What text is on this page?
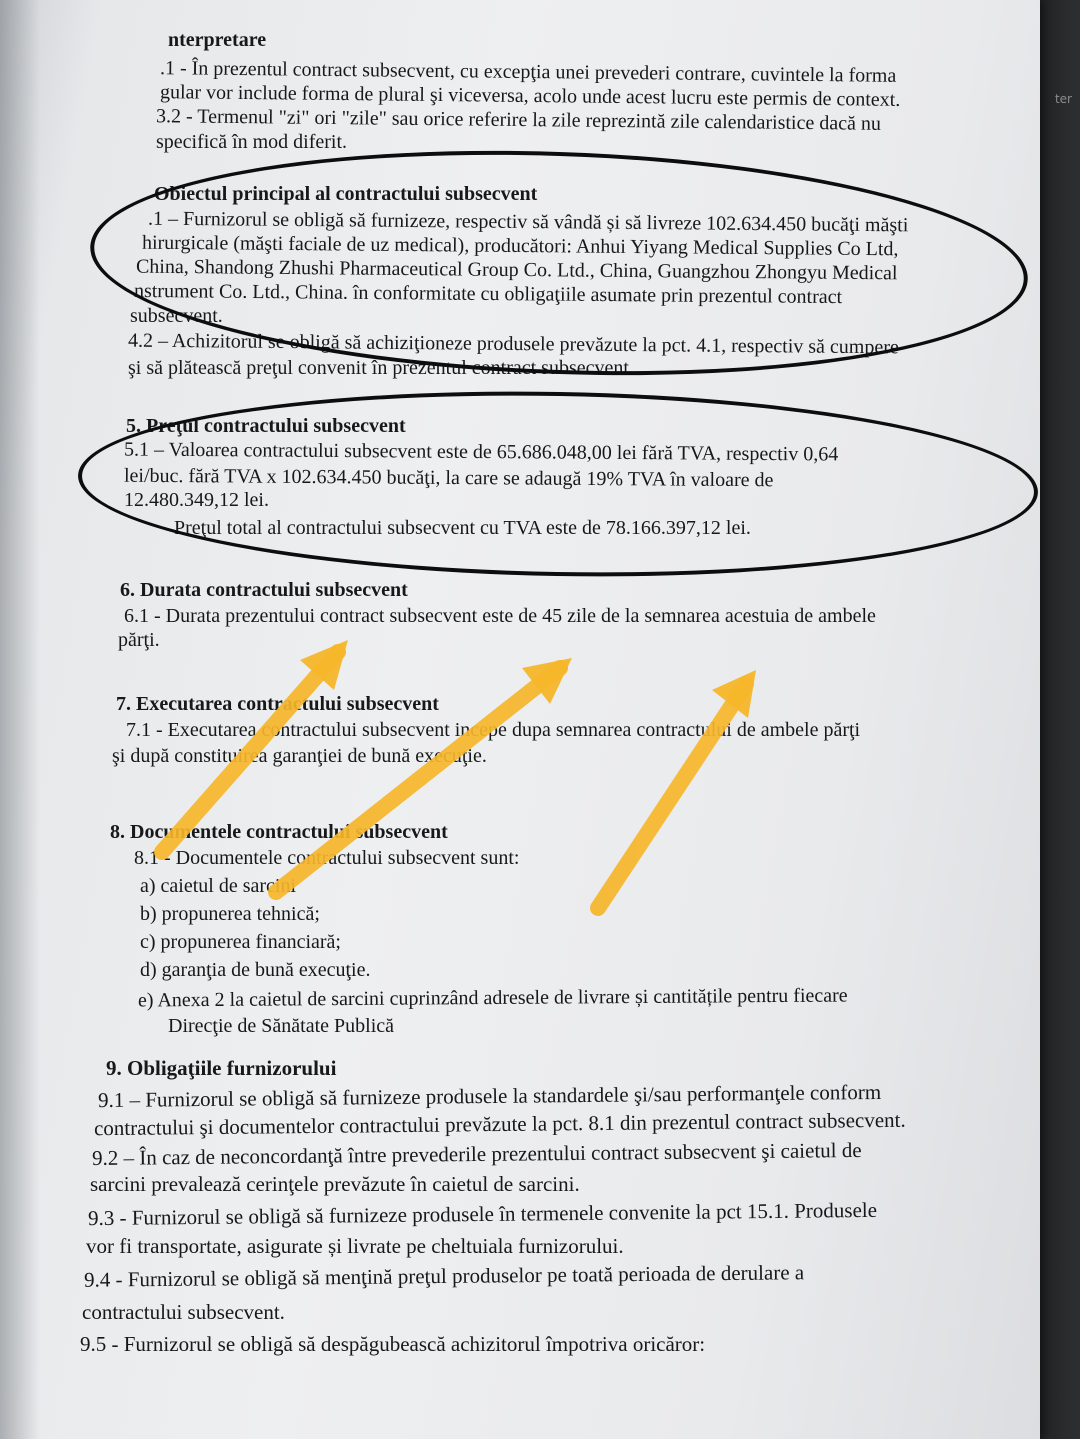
ter
nterpretare
.1 - În prezentul contract subsecvent, cu excepţia unei prevederi contrare, cuvintele la forma
gular vor include forma de plural şi viceversa, acolo unde acest lucru este permis de context.
3.2 - Termenul "zi" ori "zile" sau orice referire la zile reprezintă zile calendaristice dacă nu
specifică în mod diferit.
Obiectul principal al contractului subsecvent
.1 – Furnizorul se obligă să furnizeze, respectiv să vândă și să livreze 102.634.450 bucăţi măşti
hirurgicale (măşti faciale de uz medical), producători: Anhui Yiyang Medical Supplies Co Ltd,
China, Shandong Zhushi Pharmaceutical Group Co. Ltd., China, Guangzhou Zhongyu Medical
nstrument Co. Ltd., China. în conformitate cu obligaţiile asumate prin prezentul contract
subsecvent.
4.2 – Achizitorul se obligă să achiziţioneze produsele prevăzute la pct. 4.1, respectiv să cumpere
şi să plătească preţul convenit în prezentul contract subsecvent .
5. Preţul contractului subsecvent
5.1 – Valoarea contractului subsecvent este de 65.686.048,00 lei fără TVA, respectiv 0,64
lei/buc. fără TVA x 102.634.450 bucăţi, la care se adaugă 19% TVA în valoare de
12.480.349,12 lei.
Preţul total al contractului subsecvent cu TVA este de 78.166.397,12 lei.
6. Durata contractului subsecvent
6.1 - Durata prezentului contract subsecvent este de 45 zile de la semnarea acestuia de ambele
părţi.
7. Executarea contractului subsecvent
7.1 - Executarea contractului subsecvent incepe dupa semnarea contractului de ambele părţi
şi după constituirea garanţiei de bună execuţie.
8. Documentele contractului subsecvent
8.1 - Documentele contractului subsecvent sunt:
a) caietul de sarcini
b) propunerea tehnică;
c) propunerea financiară;
d) garanţia de bună execuţie.
e) Anexa 2 la caietul de sarcini cuprinzând adresele de livrare și cantitățile pentru fiecare
Direcţie de Sănătate Publică
9. Obligaţiile furnizorului
9.1 – Furnizorul se obligă să furnizeze produsele la standardele şi/sau performanţele conform
contractului şi documentelor contractului prevăzute la pct. 8.1 din prezentul contract subsecvent.
9.2 – În caz de neconcordanţă între prevederile prezentului contract subsecvent şi caietul de
sarcini prevalează cerinţele prevăzute în caietul de sarcini.
9.3 - Furnizorul se obligă să furnizeze produsele în termenele convenite la pct 15.1. Produsele
vor fi transportate, asigurate și livrate pe cheltuiala furnizorului.
9.4 - Furnizorul se obligă să menţină preţul produselor pe toată perioada de derulare a
contractului subsecvent.
9.5 - Furnizorul se obligă să despăgubească achizitorul împotriva oricăror:
